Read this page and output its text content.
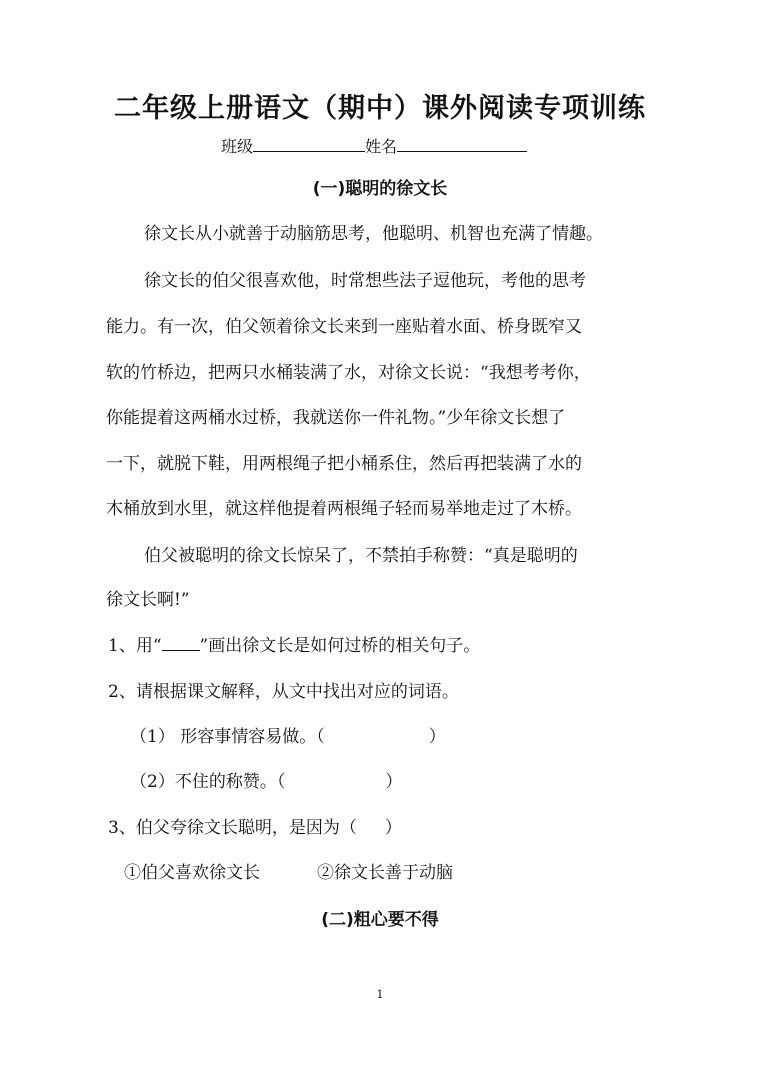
二年级上册语文（期中）课外阅读专项训练
班级	姓名
(一)聪明的徐文长
徐文长从小就善于动脑筋思考，他聪明、机智也充满了情趣。
徐文长的伯父很喜欢他，时常想些法子逗他玩，考他的思考
能力。有一次，伯父领着徐文长来到一座贴着水面、桥身既窄又
软的竹桥边，把两只水桶装满了水，对徐文长说：“我想考考你，
你能提着这两桶水过桥，我就送你一件礼物。”少年徐文长想了
一下，就脱下鞋，用两根绳子把小桶系住，然后再把装满了水的
木桶放到水里，就这样他提着两根绳子轻而易举地走过了木桥。
伯父被聪明的徐文长惊呆了，不禁拍手称赞：“真是聪明的
徐文长啊!”
1、用“ ”画出徐文长是如何过桥的相关句子。
2、请根据课文解释，从文中找出对应的词语。
（1） 形容事情容易做。（	）
（2）不住的称赞。（	）
3、伯父夸徐文长聪明，是因为（ ）
①伯父喜欢徐文长	②徐文长善于动脑
(二)粗心要不得
1
